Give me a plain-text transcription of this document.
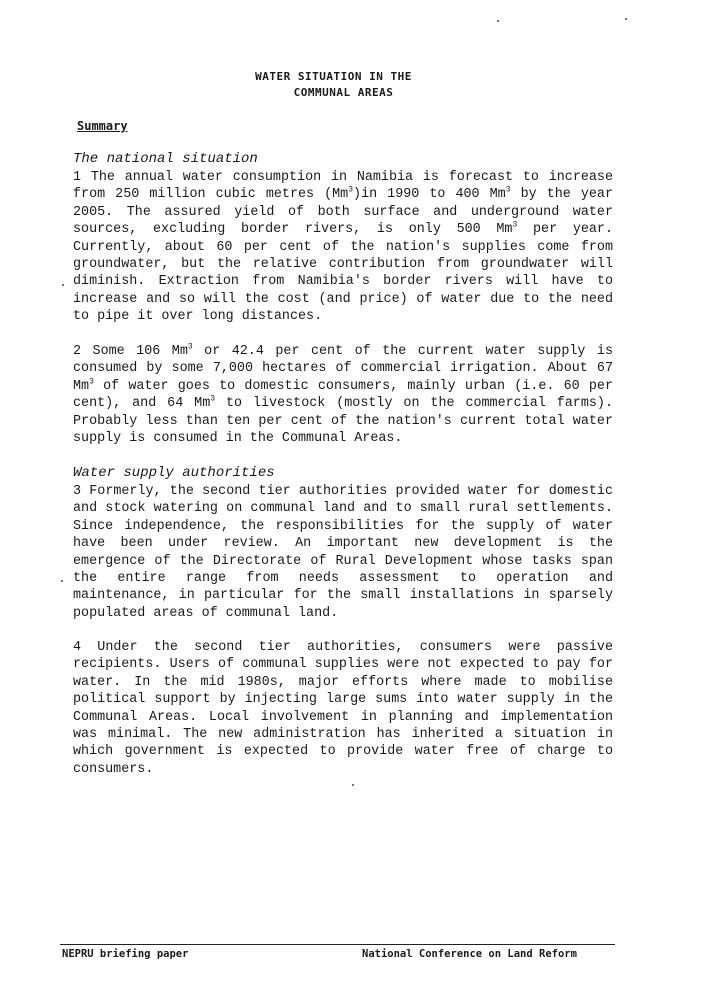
WATER SITUATION IN THE
COMMUNAL AREAS
Summary
The national situation
1 The annual water consumption in Namibia is forecast to increase from 250 million cubic metres (Mm$^3$)in 1990 to 400 Mm$^3$ by the year 2005. The assured yield of both surface and underground water sources, excluding border rivers, is only 500 Mm$^3$ per year. Currently, about 60 per cent of the nation's supplies come from groundwater, but the relative contribution from groundwater will diminish. Extraction from Namibia's border rivers will have to increase and so will the cost (and price) of water due to the need to pipe it over long distances.
2 Some 106 Mm$^3$ or 42.4 per cent of the current water supply is consumed by some 7,000 hectares of commercial irrigation. About 67 Mm$^3$ of water goes to domestic consumers, mainly urban (i.e. 60 per cent), and 64 Mm$^3$ to livestock (mostly on the commercial farms). Probably less than ten per cent of the nation's current total water supply is consumed in the Communal Areas.
Water supply authorities
3 Formerly, the second tier authorities provided water for domestic and stock watering on communal land and to small rural settlements. Since independence, the responsibilities for the supply of water have been under review. An important new development is the emergence of the Directorate of Rural Development whose tasks span the entire range from needs assessment to operation and maintenance, in particular for the small installations in sparsely populated areas of communal land.
4 Under the second tier authorities, consumers were passive recipients. Users of communal supplies were not expected to pay for water. In the mid 1980s, major efforts where made to mobilise political support by injecting large sums into water supply in the Communal Areas. Local involvement in planning and implementation was minimal. The new administration has inherited a situation in which government is expected to provide water free of charge to consumers.
NEPRU briefing paper	National Conference on Land Reform
